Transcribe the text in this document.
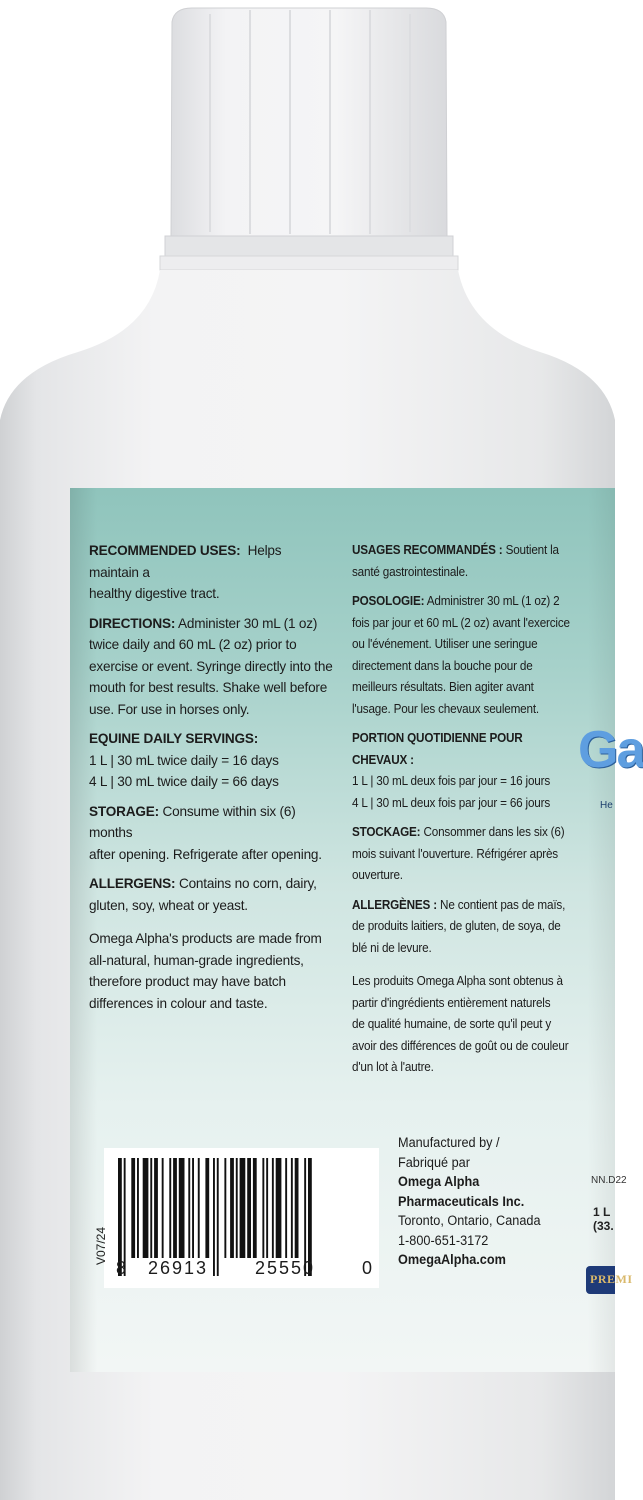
RECOMMENDED USES: Helps maintain a
healthy digestive tract.
DIRECTIONS: Administer 30 mL (1 oz)
twice daily and 60 mL (2 oz) prior to
exercise or event. Syringe directly into the
mouth for best results. Shake well before
use. For use in horses only.
EQUINE DAILY SERVINGS:
1 L | 30 mL twice daily = 16 days
4 L | 30 mL twice daily = 66 days
STORAGE: Consume within six (6) months
after opening. Refrigerate after opening.
ALLERGENS: Contains no corn, dairy,
gluten, soy, wheat or yeast.
Omega Alpha's products are made from
all-natural, human-grade ingredients,
therefore product may have batch
differences in colour and taste.
USAGES RECOMMANDÉS : Soutient la
santé gastrointestinale.
POSOLOGIE: Administrer 30 mL (1 oz) 2
fois par jour et 60 mL (2 oz) avant l'exercice
ou l'événement. Utiliser une seringue
directement dans la bouche pour de
meilleurs résultats. Bien agiter avant
l'usage. Pour les chevaux seulement.
PORTION QUOTIDIENNE POUR
CHEVAUX :
1 L | 30 mL deux fois par jour = 16 jours
4 L | 30 mL deux fois par jour = 66 jours
STOCKAGE: Consommer dans les six (6)
mois suivant l'ouverture. Réfrigérer après
ouverture.
ALLERGÈNES : Ne contient pas de maïs,
de produits laitiers, de gluten, de soya, de
blé ni de levure.
Les produits Omega Alpha sont obtenus à
partir d'ingrédients entièrement naturels
de qualité humaine, de sorte qu'il peut y
avoir des différences de goût ou de couleur
d'un lot à l'autre.
Manufactured by /
Fabriqué par
Omega Alpha
Pharmaceuticals Inc.
Toronto, Ontario, Canada
1-800-651-3172
OmegaAlpha.com
8 26913	25550	0
V07/24
Ga
He
NN.D22
1 L (33.
PREMI
